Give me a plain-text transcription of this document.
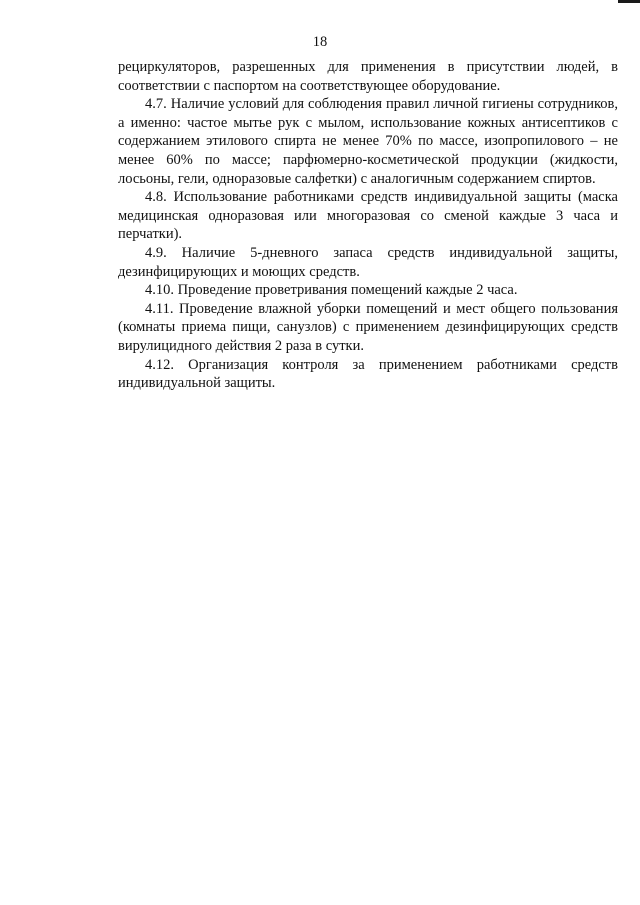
18

рециркуляторов, разрешенных для применения в присутствии людей, в соответствии с паспортом на соответствующее оборудование.

4.7. Наличие условий для соблюдения правил личной гигиены сотрудников, а именно: частое мытье рук с мылом, использование кожных антисептиков с содержанием этилового спирта не менее 70% по массе, изопропилового – не менее 60% по массе; парфюмерно-косметической продукции (жидкости, лосьоны, гели, одноразовые салфетки) с аналогичным содержанием спиртов.

4.8. Использование работниками средств индивидуальной защиты (маска медицинская одноразовая или многоразовая со сменой каждые 3 часа и перчатки).

4.9. Наличие 5-дневного запаса средств индивидуальной защиты, дезинфицирующих и моющих средств.

4.10. Проведение проветривания помещений каждые 2 часа.

4.11. Проведение влажной уборки помещений и мест общего пользования (комнаты приема пищи, санузлов) с применением дезинфицирующих средств вирулицидного действия 2 раза в сутки.

4.12. Организация контроля за применением работниками средств индивидуальной защиты.
